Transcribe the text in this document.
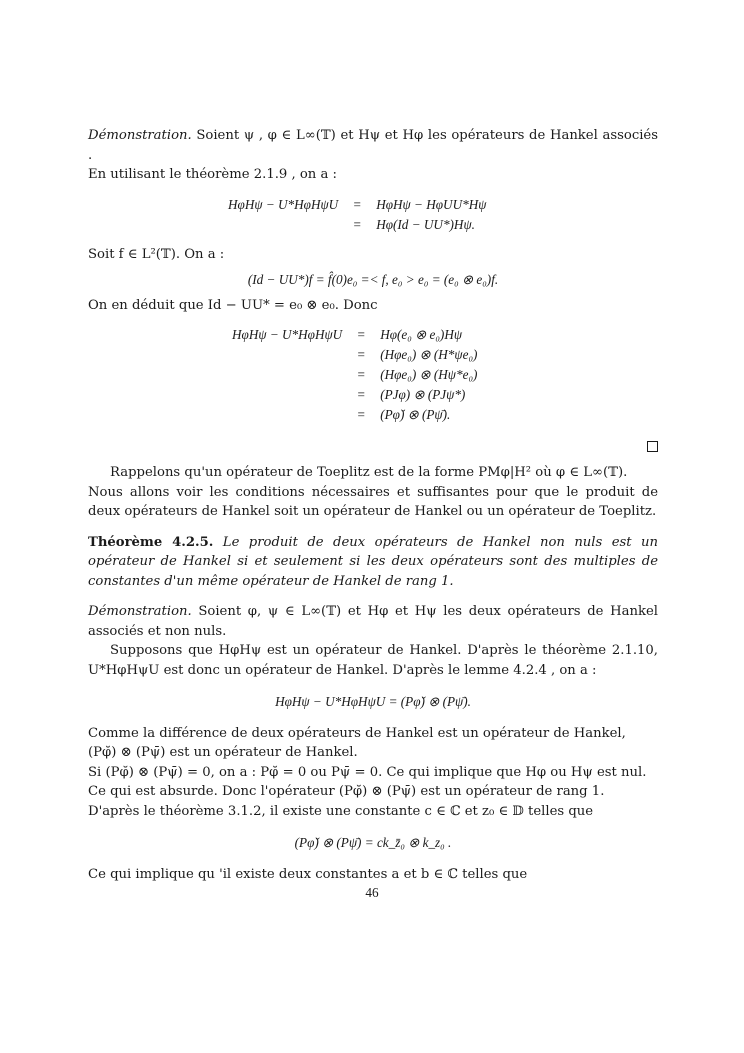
Démonstration. Soient ψ , φ ∈ L∞(𝕋) et Hψ et Hφ les opérateurs de Hankel associés .
En utilisant le théorème 2.1.9 , on a :

HφHψ − U*HφHψU	=	HφHψ − HφUU*Hψ
	=	Hφ(Id − UU*)Hψ.

Soit f ∈ L²(𝕋). On a :

(Id − UU*)f = f̂(0)e₀ =< f, e₀ > e₀ = (e₀ ⊗ e₀)f.

On en déduit que Id − UU* = e₀ ⊗ e₀. Donc

HφHψ − U*HφHψU	=	Hφ(e₀ ⊗ e₀)Hψ
	=	(Hφe₀) ⊗ (H*ψe₀)
	=	(Hφe₀) ⊗ (Hψ*e₀)
	=	(PJφ) ⊗ (PJψ*)
	=	(Pφ̆) ⊗ (Pψ̄).

Rappelons qu'un opérateur de Toeplitz est de la forme PMφ|H² où φ ∈ L∞(𝕋).
Nous allons voir les conditions nécessaires et suffisantes pour que le produit de deux opérateurs de Hankel soit un opérateur de Hankel ou un opérateur de Toeplitz.

Théorème 4.2.5. Le produit de deux opérateurs de Hankel non nuls est un opérateur de Hankel si et seulement si les deux opérateurs sont des multiples de constantes d'un même opérateur de Hankel de rang 1.

Démonstration. Soient φ, ψ ∈ L∞(𝕋) et Hφ et Hψ les deux opérateurs de Hankel associés et non nuls.

Supposons que HφHψ est un opérateur de Hankel. D'après le théorème 2.1.10, U*HφHψU est donc un opérateur de Hankel. D'après le lemme 4.2.4 , on a :

HφHψ − U*HφHψU = (Pφ̆) ⊗ (Pψ̄).

Comme la différence de deux opérateurs de Hankel est un opérateur de Hankel,
(Pφ̆) ⊗ (Pψ̄) est un opérateur de Hankel.
Si (Pφ̆) ⊗ (Pψ̄) = 0, on a : Pφ̆ = 0 ou Pψ̄ = 0. Ce qui implique que Hφ ou Hψ est nul.
Ce qui est absurde. Donc l'opérateur (Pφ̆) ⊗ (Pψ̄) est un opérateur de rang 1.
D'après le théorème 3.1.2, il existe une constante c ∈ ℂ et z₀ ∈ 𝔻 telles que

(Pφ̆) ⊗ (Pψ̄) = ck_z̄₀ ⊗ k_z₀ .

Ce qui implique qu 'il existe deux constantes a et b ∈ ℂ telles que

46
